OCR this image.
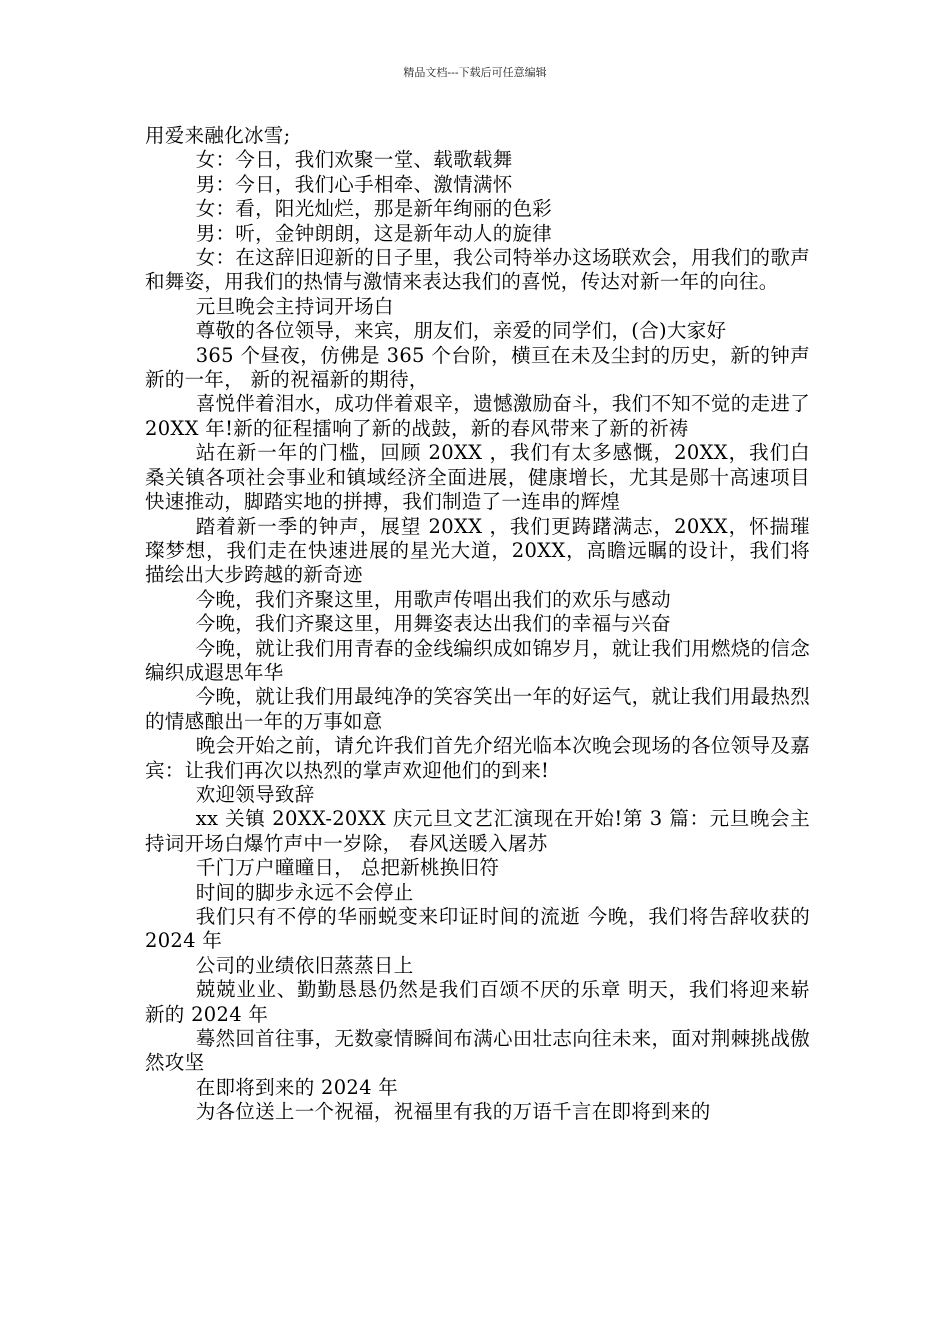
精品文档---下载后可任意编辑

用爱来融化冰雪;

女：今日，我们欢聚一堂、载歌载舞

男：今日，我们心手相牵、激情满怀

女：看，阳光灿烂，那是新年绚丽的色彩

男：听，金钟朗朗，这是新年动人的旋律

女：在这辞旧迎新的日子里，我公司特举办这场联欢会，用我们的歌声和舞姿，用我们的热情与激情来表达我们的喜悦，传达对新一年的向往。

元旦晚会主持词开场白

尊敬的各位领导，来宾，朋友们，亲爱的同学们，(合)大家好

365 个昼夜，仿佛是 365 个台阶，横亘在未及尘封的历史，新的钟声新的一年， 新的祝福新的期待，

喜悦伴着泪水，成功伴着艰辛，遗憾激励奋斗，我们不知不觉的走进了 20XX 年!新的征程擂响了新的战鼓，新的春风带来了新的祈祷

站在新一年的门槛，回顾 20XX ，我们有太多感慨，20XX，我们白桑关镇各项社会事业和镇域经济全面进展，健康增长，尤其是郧十高速项目快速推动，脚踏实地的拼搏，我们制造了一连串的辉煌

踏着新一季的钟声，展望 20XX ，我们更踌躇满志，20XX，怀揣璀璨梦想，我们走在快速进展的星光大道，20XX，高瞻远瞩的设计，我们将描绘出大步跨越的新奇迹

今晚，我们齐聚这里，用歌声传唱出我们的欢乐与感动

今晚，我们齐聚这里，用舞姿表达出我们的幸福与兴奋

今晚，就让我们用青春的金线编织成如锦岁月，就让我们用燃烧的信念编织成遐思年华

今晚，就让我们用最纯净的笑容笑出一年的好运气，就让我们用最热烈的情感酿出一年的万事如意

晚会开始之前，请允许我们首先介绍光临本次晚会现场的各位领导及嘉宾：让我们再次以热烈的掌声欢迎他们的到来!

欢迎领导致辞

xx 关镇 20XX-20XX 庆元旦文艺汇演现在开始!第 3 篇：元旦晚会主持词开场白爆竹声中一岁除， 春风送暖入屠苏

千门万户曈曈日， 总把新桃换旧符

时间的脚步永远不会停止

我们只有不停的华丽蜕变来印证时间的流逝 今晚，我们将告辞收获的 2024 年

公司的业绩依旧蒸蒸日上

兢兢业业、勤勤恳恳仍然是我们百颂不厌的乐章 明天，我们将迎来崭新的 2024 年

蓦然回首往事，无数豪情瞬间布满心田壮志向往未来，面对荆棘挑战傲然攻坚

在即将到来的 2024 年

为各位送上一个祝福，祝福里有我的万语千言在即将到来的
